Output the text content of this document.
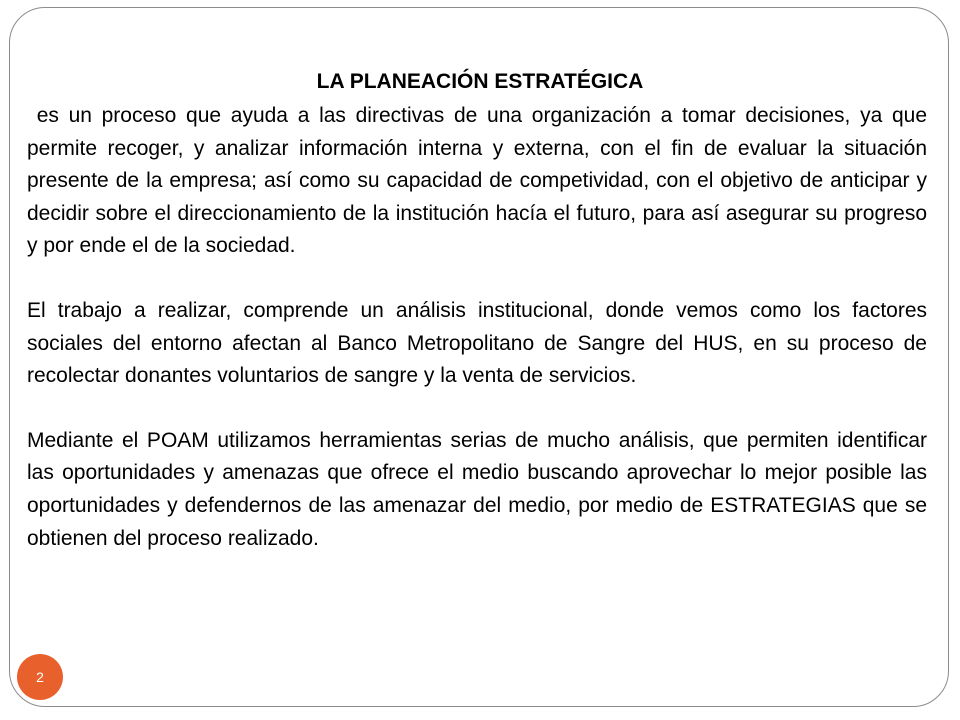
LA PLANEACIÓN ESTRATÉGICA

es un proceso que ayuda a las directivas de una organización a tomar decisiones, ya que permite recoger, y analizar información interna y externa, con el fin de evaluar la situación presente de la empresa; así como su capacidad de competividad, con el objetivo de anticipar y decidir sobre el direccionamiento de la institución hacía el futuro, para así asegurar su progreso y por ende el de la sociedad.

El trabajo a realizar, comprende un análisis institucional, donde vemos como los factores sociales del entorno afectan al Banco Metropolitano de Sangre del HUS, en su proceso de recolectar donantes voluntarios de sangre y la venta de servicios.

Mediante el POAM utilizamos herramientas serias de mucho análisis, que permiten identificar las oportunidades y amenazas que ofrece el medio buscando aprovechar lo mejor posible las oportunidades y defendernos de las amenazar del medio, por medio de ESTRATEGIAS que se obtienen del proceso realizado.

2
